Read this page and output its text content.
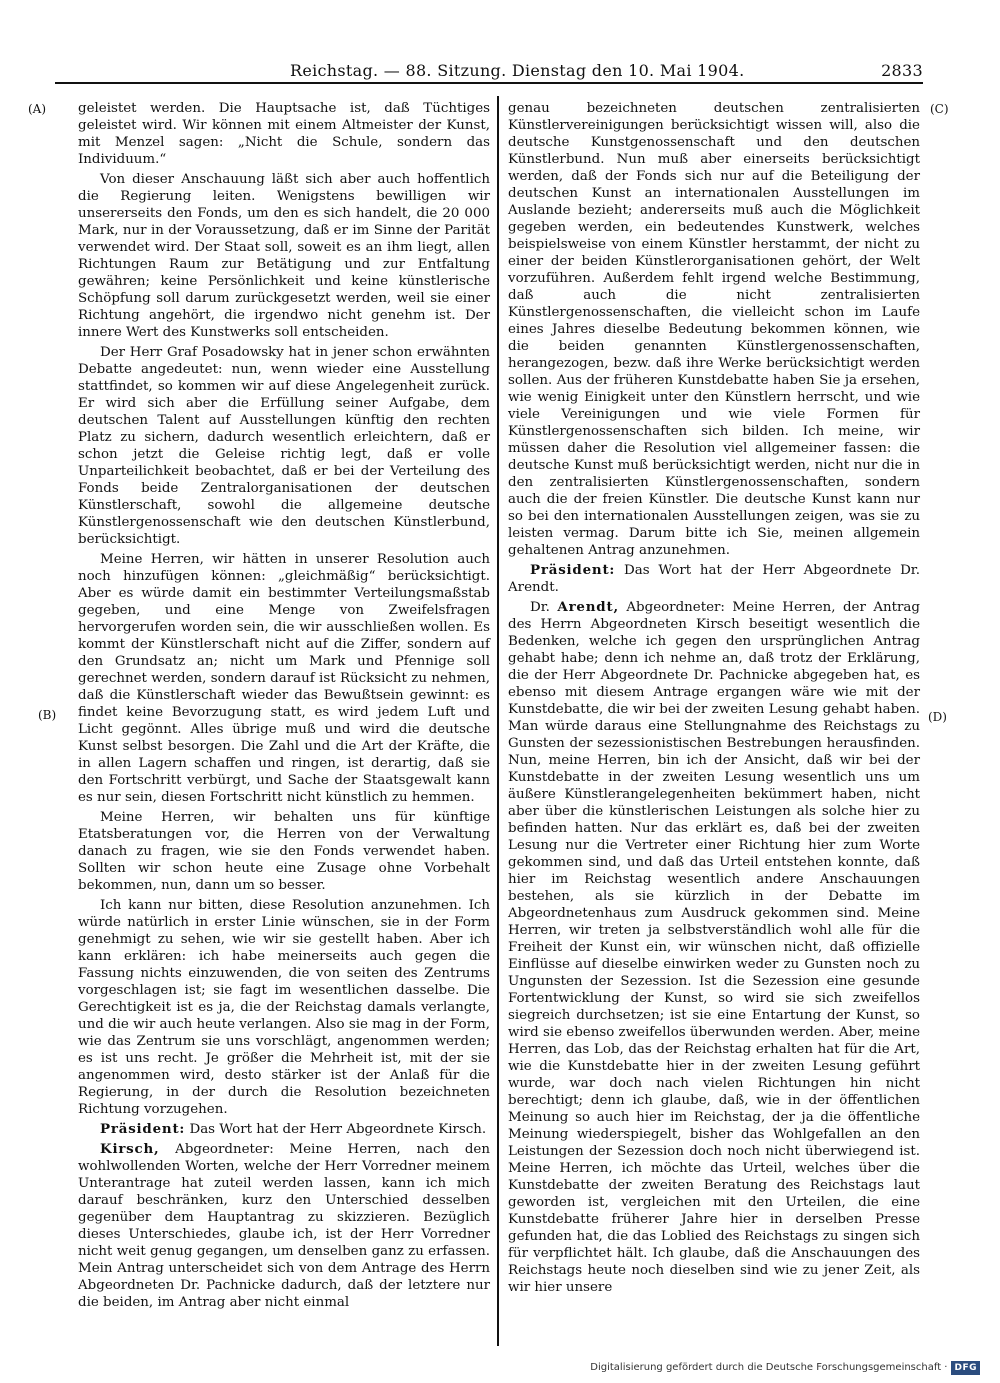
Reichstag. — 88. Sitzung. Dienstag den 10. Mai 1904.	2833
(A)
(B)
(C)
(D)

geleistet werden. Die Hauptsache ist, daß Tüchtiges geleistet wird. Wir können mit einem Altmeister der Kunst, mit Menzel sagen: „Nicht die Schule, sondern das Individuum.“

Von dieser Anschauung läßt sich aber auch hoffentlich die Regierung leiten. Wenigstens bewilligen wir unsererseits den Fonds, um den es sich handelt, die 20 000 Mark, nur in der Voraussetzung, daß er im Sinne der Parität verwendet wird. Der Staat soll, soweit es an ihm liegt, allen Richtungen Raum zur Betätigung und zur Entfaltung gewähren; keine Persönlichkeit und keine künstlerische Schöpfung soll darum zurückgesetzt werden, weil sie einer Richtung angehört, die irgendwo nicht genehm ist. Der innere Wert des Kunstwerks soll entscheiden.

Der Herr Graf Posadowsky hat in jener schon erwähnten Debatte angedeutet: nun, wenn wieder eine Ausstellung stattfindet, so kommen wir auf diese Angelegenheit zurück. Er wird sich aber die Erfüllung seiner Aufgabe, dem deutschen Talent auf Ausstellungen künftig den rechten Platz zu sichern, dadurch wesentlich erleichtern, daß er schon jetzt die Geleise richtig legt, daß er volle Unparteilichkeit beobachtet, daß er bei der Verteilung des Fonds beide Zentralorganisationen der deutschen Künstlerschaft, sowohl die allgemeine deutsche Künstlergenossenschaft wie den deutschen Künstlerbund, berücksichtigt.

Meine Herren, wir hätten in unserer Resolution auch noch hinzufügen können: „gleichmäßig“ berücksichtigt. Aber es würde damit ein bestimmter Verteilungsmaßstab gegeben, und eine Menge von Zweifelsfragen hervorgerufen worden sein, die wir ausschließen wollen. Es kommt der Künstlerschaft nicht auf die Ziffer, sondern auf den Grundsatz an; nicht um Mark und Pfennige soll gerechnet werden, sondern darauf ist Rücksicht zu nehmen, daß die Künstlerschaft wieder das Bewußtsein gewinnt: es findet keine Bevorzugung statt, es wird jedem Luft und Licht gegönnt. Alles übrige muß und wird die deutsche Kunst selbst besorgen. Die Zahl und die Art der Kräfte, die in allen Lagern schaffen und ringen, ist derartig, daß sie den Fortschritt verbürgt, und Sache der Staatsgewalt kann es nur sein, diesen Fortschritt nicht künstlich zu hemmen.

Meine Herren, wir behalten uns für künftige Etatsberatungen vor, die Herren von der Verwaltung danach zu fragen, wie sie den Fonds verwendet haben. Sollten wir schon heute eine Zusage ohne Vorbehalt bekommen, nun, dann um so besser.

Ich kann nur bitten, diese Resolution anzunehmen. Ich würde natürlich in erster Linie wünschen, sie in der Form genehmigt zu sehen, wie wir sie gestellt haben. Aber ich kann erklären: ich habe meinerseits auch gegen die Fassung nichts einzuwenden, die von seiten des Zentrums vorgeschlagen ist; sie fagt im wesentlichen dasselbe. Die Gerechtigkeit ist es ja, die der Reichstag damals verlangte, und die wir auch heute verlangen. Also sie mag in der Form, wie das Zentrum sie uns vorschlägt, angenommen werden; es ist uns recht. Je größer die Mehrheit ist, mit der sie angenommen wird, desto stärker ist der Anlaß für die Regierung, in der durch die Resolution bezeichneten Richtung vorzugehen.

Präsident: Das Wort hat der Herr Abgeordnete Kirsch.

Kirsch, Abgeordneter: Meine Herren, nach den wohlwollenden Worten, welche der Herr Vorredner meinem Unterantrage hat zuteil werden lassen, kann ich mich darauf beschränken, kurz den Unterschied desselben gegenüber dem Hauptantrag zu skizzieren. Bezüglich dieses Unterschiedes, glaube ich, ist der Herr Vorredner nicht weit genug gegangen, um denselben ganz zu erfassen. Mein Antrag unterscheidet sich von dem Antrage des Herrn Abgeordneten Dr. Pachnicke dadurch, daß der letztere nur die beiden, im Antrag aber nicht einmal

genau bezeichneten deutschen zentralisierten Künstlervereinigungen berücksichtigt wissen will, also die deutsche Kunstgenossenschaft und den deutschen Künstlerbund. Nun muß aber einerseits berücksichtigt werden, daß der Fonds sich nur auf die Beteiligung der deutschen Kunst an internationalen Ausstellungen im Auslande bezieht; andererseits muß auch die Möglichkeit gegeben werden, ein bedeutendes Kunstwerk, welches beispielsweise von einem Künstler herstammt, der nicht zu einer der beiden Künstlerorganisationen gehört, der Welt vorzuführen. Außerdem fehlt irgend welche Bestimmung, daß auch die nicht zentralisierten Künstlergenossenschaften, die vielleicht schon im Laufe eines Jahres dieselbe Bedeutung bekommen können, wie die beiden genannten Künstlergenossenschaften, herangezogen, bezw. daß ihre Werke berücksichtigt werden sollen. Aus der früheren Kunstdebatte haben Sie ja ersehen, wie wenig Einigkeit unter den Künstlern herrscht, und wie viele Vereinigungen und wie viele Formen für Künstlergenossenschaften sich bilden. Ich meine, wir müssen daher die Resolution viel allgemeiner fassen: die deutsche Kunst muß berücksichtigt werden, nicht nur die in den zentralisierten Künstlergenossenschaften, sondern auch die der freien Künstler. Die deutsche Kunst kann nur so bei den internationalen Ausstellungen zeigen, was sie zu leisten vermag. Darum bitte ich Sie, meinen allgemein gehaltenen Antrag anzunehmen.

Präsident: Das Wort hat der Herr Abgeordnete Dr. Arendt.

Dr. Arendt, Abgeordneter: Meine Herren, der Antrag des Herrn Abgeordneten Kirsch beseitigt wesentlich die Bedenken, welche ich gegen den ursprünglichen Antrag gehabt habe; denn ich nehme an, daß trotz der Erklärung, die der Herr Abgeordnete Dr. Pachnicke abgegeben hat, es ebenso mit diesem Antrage ergangen wäre wie mit der Kunstdebatte, die wir bei der zweiten Lesung gehabt haben. Man würde daraus eine Stellungnahme des Reichstags zu Gunsten der sezessionistischen Bestrebungen herausfinden. Nun, meine Herren, bin ich der Ansicht, daß wir bei der Kunstdebatte in der zweiten Lesung wesentlich uns um äußere Künstlerangelegenheiten bekümmert haben, nicht aber über die künstlerischen Leistungen als solche hier zu befinden hatten. Nur das erklärt es, daß bei der zweiten Lesung nur die Vertreter einer Richtung hier zum Worte gekommen sind, und daß das Urteil entstehen konnte, daß hier im Reichstag wesentlich andere Anschauungen bestehen, als sie kürzlich in der Debatte im Abgeordnetenhaus zum Ausdruck gekommen sind. Meine Herren, wir treten ja selbstverständlich wohl alle für die Freiheit der Kunst ein, wir wünschen nicht, daß offizielle Einflüsse auf dieselbe einwirken weder zu Gunsten noch zu Ungunsten der Sezession. Ist die Sezession eine gesunde Fortentwicklung der Kunst, so wird sie sich zweifellos siegreich durchsetzen; ist sie eine Entartung der Kunst, so wird sie ebenso zweifellos überwunden werden. Aber, meine Herren, das Lob, das der Reichstag erhalten hat für die Art, wie die Kunstdebatte hier in der zweiten Lesung geführt wurde, war doch nach vielen Richtungen hin nicht berechtigt; denn ich glaube, daß, wie in der öffentlichen Meinung so auch hier im Reichstag, der ja die öffentliche Meinung wiederspiegelt, bisher das Wohlgefallen an den Leistungen der Sezession doch noch nicht überwiegend ist. Meine Herren, ich möchte das Urteil, welches über die Kunstdebatte der zweiten Beratung des Reichstags laut geworden ist, vergleichen mit den Urteilen, die eine Kunstdebatte früherer Jahre hier in derselben Presse gefunden hat, die das Loblied des Reichstags zu singen sich für verpflichtet hält. Ich glaube, daß die Anschauungen des Reichstags heute noch dieselben sind wie zu jener Zeit, als wir hier unsere

Digitalisierung gefördert durch die Deutsche Forschungsgemeinschaft · DFG
